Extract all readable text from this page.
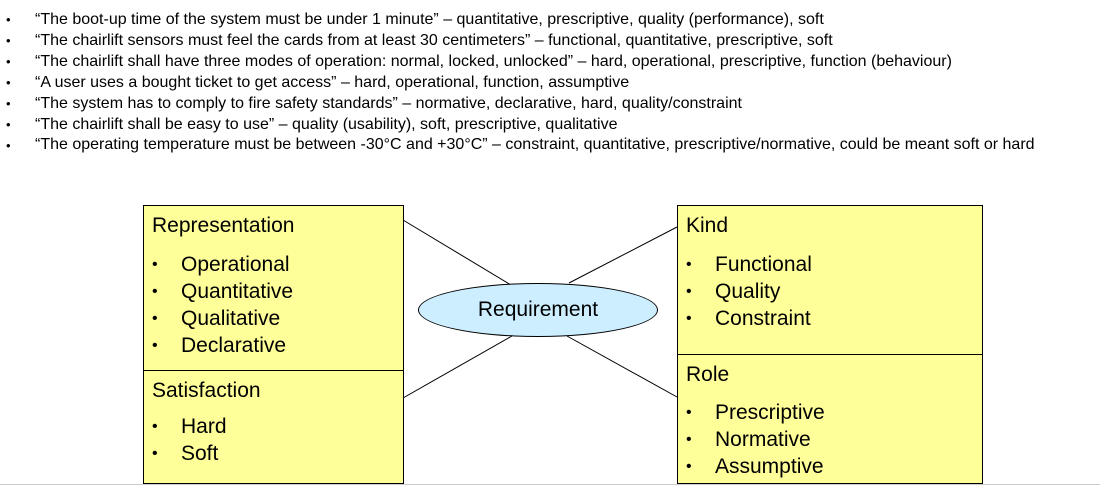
• “The boot-up time of the system must be under 1 minute” – quantitative, prescriptive, quality (performance), soft
• “The chairlift sensors must feel the cards from at least 30 centimeters” – functional, quantitative, prescriptive, soft
• “The chairlift shall have three modes of operation: normal, locked, unlocked” – hard, operational, prescriptive, function (behaviour)
• “A user uses a bought ticket to get access” – hard, operational, function, assumptive
• “The system has to comply to fire safety standards” – normative, declarative, hard, quality/constraint
• “The chairlift shall be easy to use” – quality (usability), soft, prescriptive, qualitative
• “The operating temperature must be between -30°C and +30°C” – constraint, quantitative, prescriptive/normative, could be meant soft or hard
Representation
• Operational
• Quantitative
• Qualitative
• Declarative
Satisfaction
• Hard
• Soft
Kind
• Functional
• Quality
• Constraint
Role
• Prescriptive
• Normative
• Assumptive
Requirement
